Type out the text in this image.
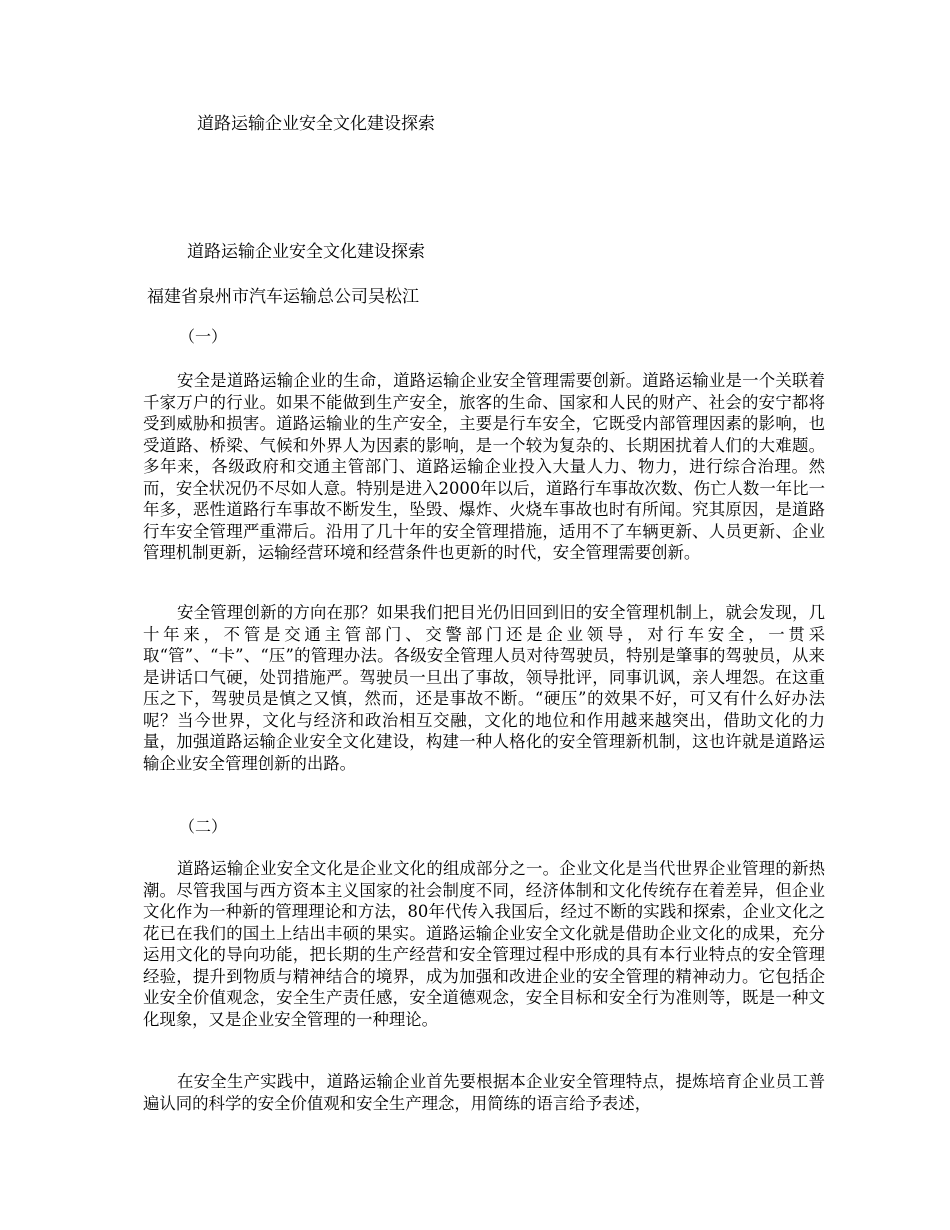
道路运输企业安全文化建设探索
道路运输企业安全文化建设探索
福建省泉州市汽车运输总公司吴松江
（一）

安全是道路运输企业的生命，道路运输企业安全管理需要创新。道路运输业是一个关联着千家万户的行业。如果不能做到生产安全，旅客的生命、国家和人民的财产、社会的安宁都将受到威胁和损害。道路运输业的生产安全，主要是行车安全，它既受内部管理因素的影响，也受道路、桥梁、气候和外界人为因素的影响，是一个较为复杂的、长期困扰着人们的大难题。多年来，各级政府和交通主管部门、道路运输企业投入大量人力、物力，进行综合治理。然而，安全状况仍不尽如人意。特别是进入2000年以后，道路行车事故次数、伤亡人数一年比一年多，恶性道路行车事故不断发生，坠毁、爆炸、火烧车事故也时有所闻。究其原因，是道路行车安全管理严重滞后。沿用了几十年的安全管理措施，适用不了车辆更新、人员更新、企业管理机制更新，运输经营环境和经营条件也更新的时代，安全管理需要创新。

安全管理创新的方向在那？如果我们把目光仍旧回到旧的安全管理机制上，就会发现，几十年来，不管是交通主管部门、交警部门还是企业领导，对行车安全，一贯采取“管”、“卡”、“压”的管理办法。各级安全管理人员对待驾驶员，特别是肇事的驾驶员，从来是讲话口气硬，处罚措施严。驾驶员一旦出了事故，领导批评，同事讥讽，亲人埋怨。在这重压之下，驾驶员是慎之又慎，然而，还是事故不断。“硬压”的效果不好，可又有什么好办法呢？当今世界，文化与经济和政治相互交融，文化的地位和作用越来越突出，借助文化的力量，加强道路运输企业安全文化建设，构建一种人格化的安全管理新机制，这也许就是道路运输企业安全管理创新的出路。

（二）

道路运输企业安全文化是企业文化的组成部分之一。企业文化是当代世界企业管理的新热潮。尽管我国与西方资本主义国家的社会制度不同，经济体制和文化传统存在着差异，但企业文化作为一种新的管理理论和方法，80年代传入我国后，经过不断的实践和探索，企业文化之花已在我们的国土上结出丰硕的果实。道路运输企业安全文化就是借助企业文化的成果，充分运用文化的导向功能，把长期的生产经营和安全管理过程中形成的具有本行业特点的安全管理经验，提升到物质与精神结合的境界，成为加强和改进企业的安全管理的精神动力。它包括企业安全价值观念，安全生产责任感，安全道德观念，安全目标和安全行为准则等，既是一种文化现象，又是企业安全管理的一种理论。

在安全生产实践中，道路运输企业首先要根据本企业安全管理特点，提炼培育企业员工普遍认同的科学的安全价值观和安全生产理念，用简练的语言给予表述，
